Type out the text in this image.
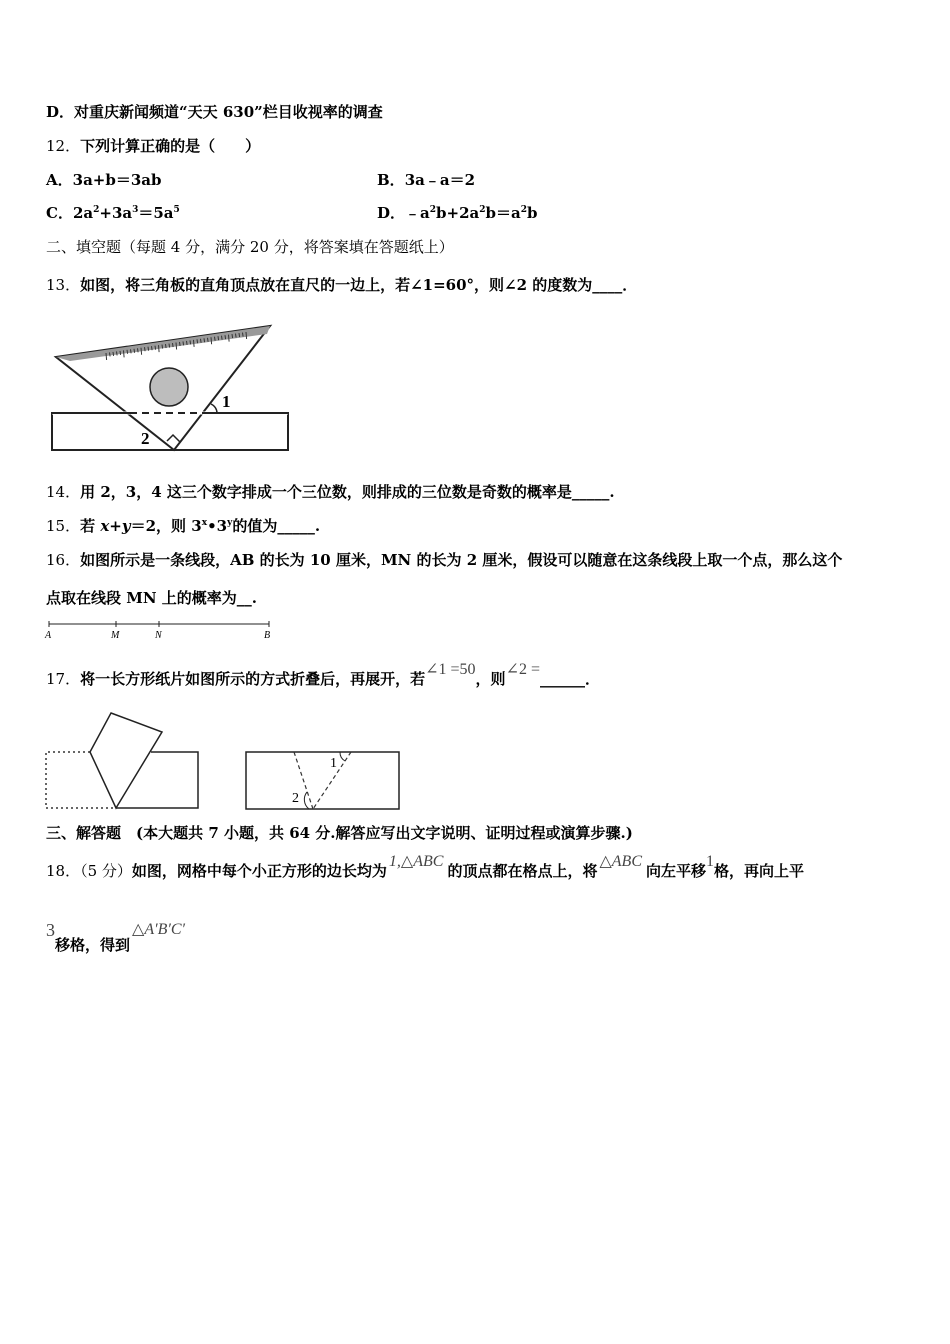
D．对重庆新闻频道“天天 630”栏目收视率的调查
12．下列计算正确的是（　　）
A．3a+b＝3ab	B．3a﹣a＝2
C．$2a^2+3a^3=5a^5$	D．$﹣a^2b+2a^2b=a^2b$
二、填空题（每题 4 分，满分 20 分，将答案填在答题纸上）
13．如图，将三角板的直角顶点放在直尺的一边上，若∠1=60°，则∠2 的度数为____．
1
2
14．用 2，3，4 这三个数字排成一个三位数，则排成的三位数是奇数的概率是_____.
15．若 x+y＝2，则 3$^x$•3$^y$的值为_____.
16．如图所示是一条线段，AB 的长为 10 厘米，MN 的长为 2 厘米，假设可以随意在这条线段上取一个点，那么这个
点取在线段 MN 上的概率为__.
A	M	N	B
17．将一长方形纸片如图所示的方式折叠后，再展开，若∠1 =50，则∠2 =______．
1
2
三、解答题　(本大题共 7 小题，共 64 分.解答应写出文字说明、证明过程或演算步骤.)
18．（5 分）如图，网格中每个小正方形的边长均为1,△ABC的顶点都在格点上，将△ABC向左平移1格，再向上平
3移格，得到△A′B′C′
